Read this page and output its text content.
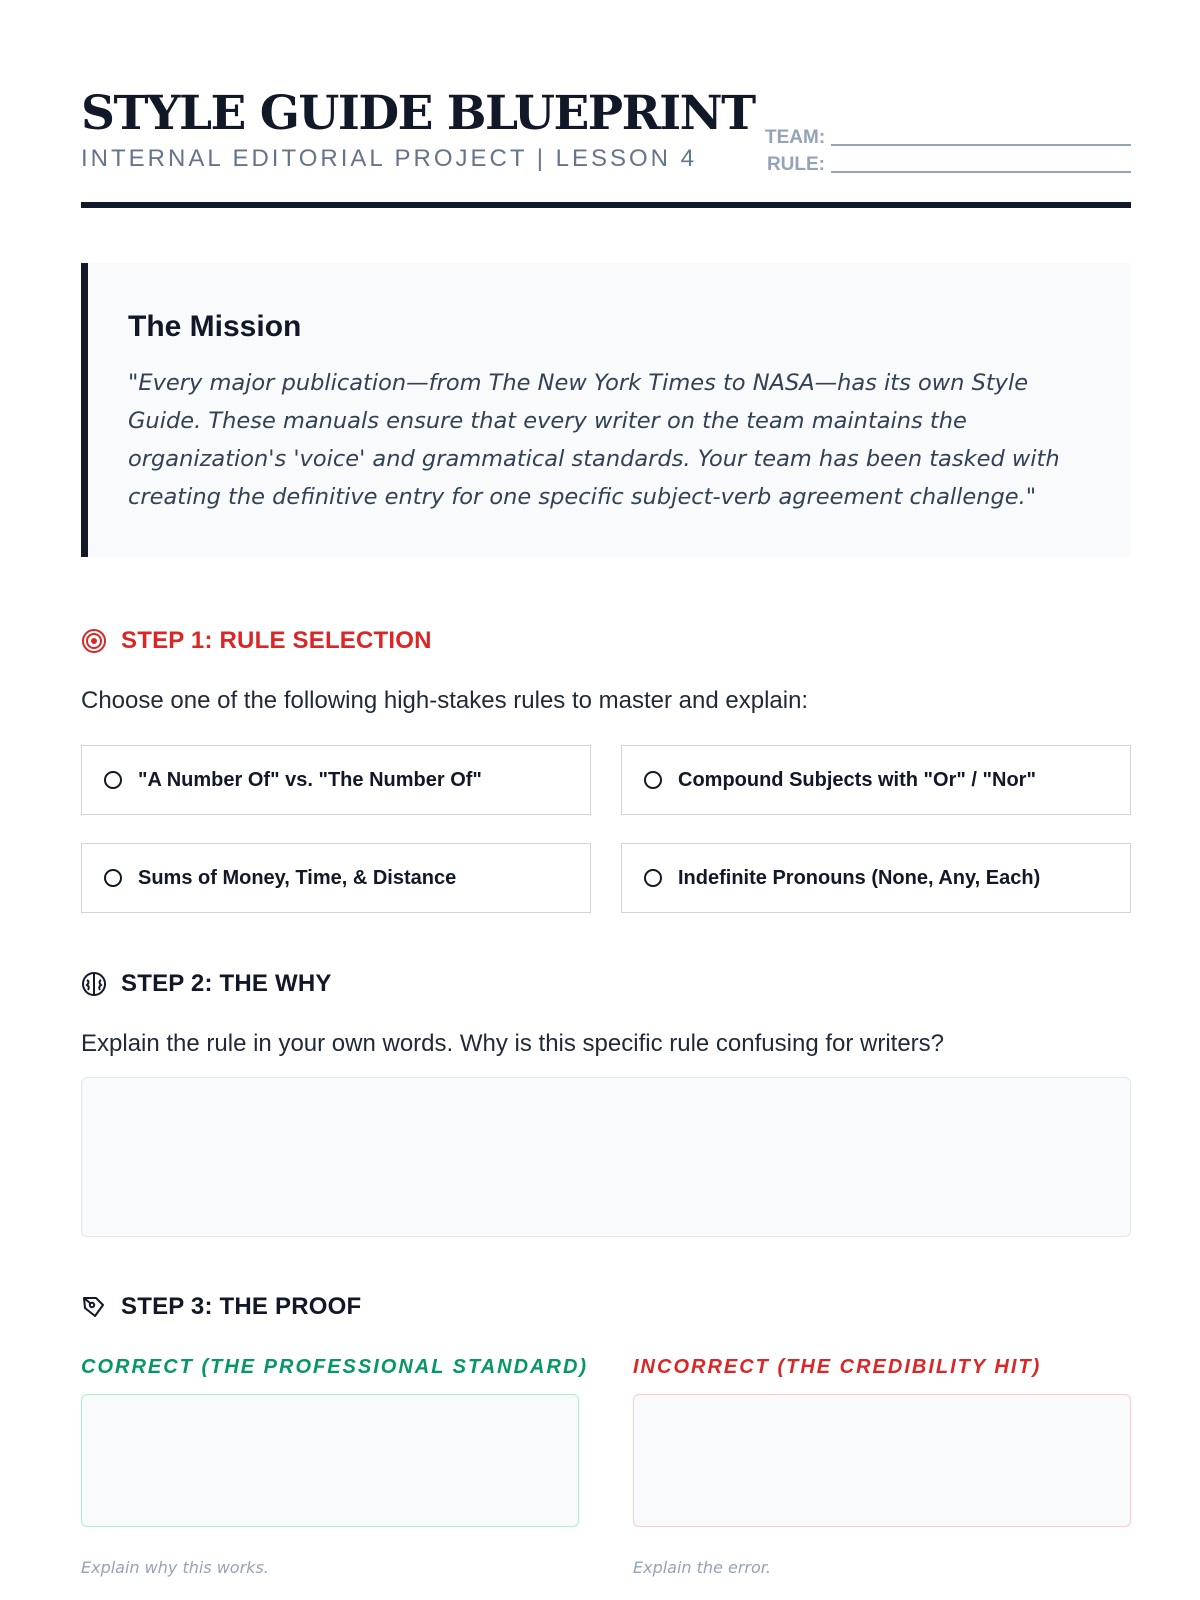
STYLE GUIDE BLUEPRINT
INTERNAL EDITORIAL PROJECT | LESSON 4
TEAM:
RULE:
The Mission
"Every major publication—from The New York Times to NASA—has its own Style Guide. These manuals ensure that every writer on the team maintains the organization's 'voice' and grammatical standards. Your team has been tasked with creating the definitive entry for one specific subject-verb agreement challenge."
STEP 1: RULE SELECTION
Choose one of the following high-stakes rules to master and explain:
"A Number Of" vs. "The Number Of"	Compound Subjects with "Or" / "Nor"
Sums of Money, Time, & Distance	Indefinite Pronouns (None, Any, Each)
STEP 2: THE WHY
Explain the rule in your own words. Why is this specific rule confusing for writers?
STEP 3: THE PROOF
CORRECT (THE PROFESSIONAL STANDARD) INCORRECT (THE CREDIBILITY HIT)
Explain why this works.	Explain the error.
